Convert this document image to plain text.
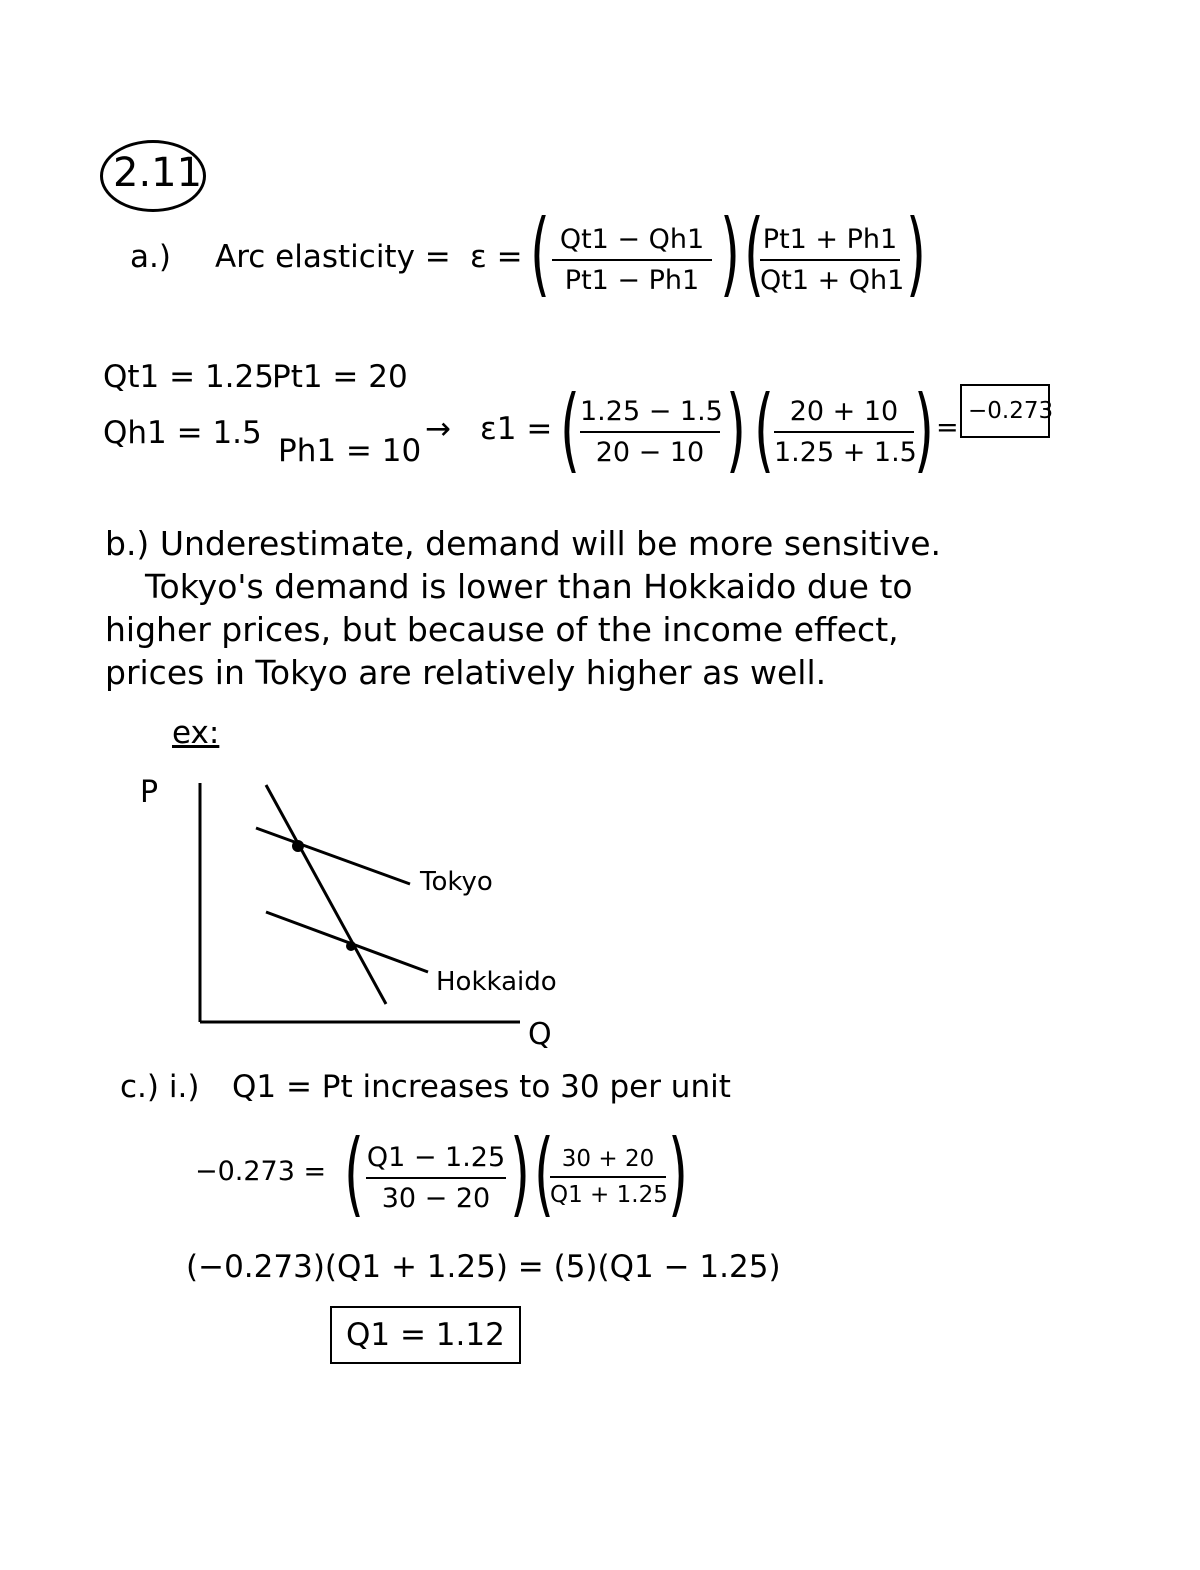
2.11
a.) Arc elasticity = ε = ( Qt1 − Qh1
Pt1 − Ph1 ) (
Pt1 + Ph1
Qt1 + Qh1 )
Qt1 = 1.25
Pt1 = 20
Qh1 = 1.5 Ph1 = 10
→ ε1 = ( 1.25 − 1.5
20 − 10 ) ( 20 + 10
1.25 + 1.5
) =
−0.273
b.) Underestimate, demand will be more sensitive.
Tokyo's demand is lower than Hokkaido due to
higher prices, but because of the income effect,
prices in Tokyo are relatively higher as well.
ex:
P
Q
Tokyo
Hokkaido
c.) i.) Q1 = Pt increases to 30 per unit
−0.273 = ( Q1 − 1.25
30 − 20 ) ( 30 + 20
Q1 + 1.25 )
(−0.273)(Q1 + 1.25) = (5)(Q1 − 1.25)
Q1 = 1.12
